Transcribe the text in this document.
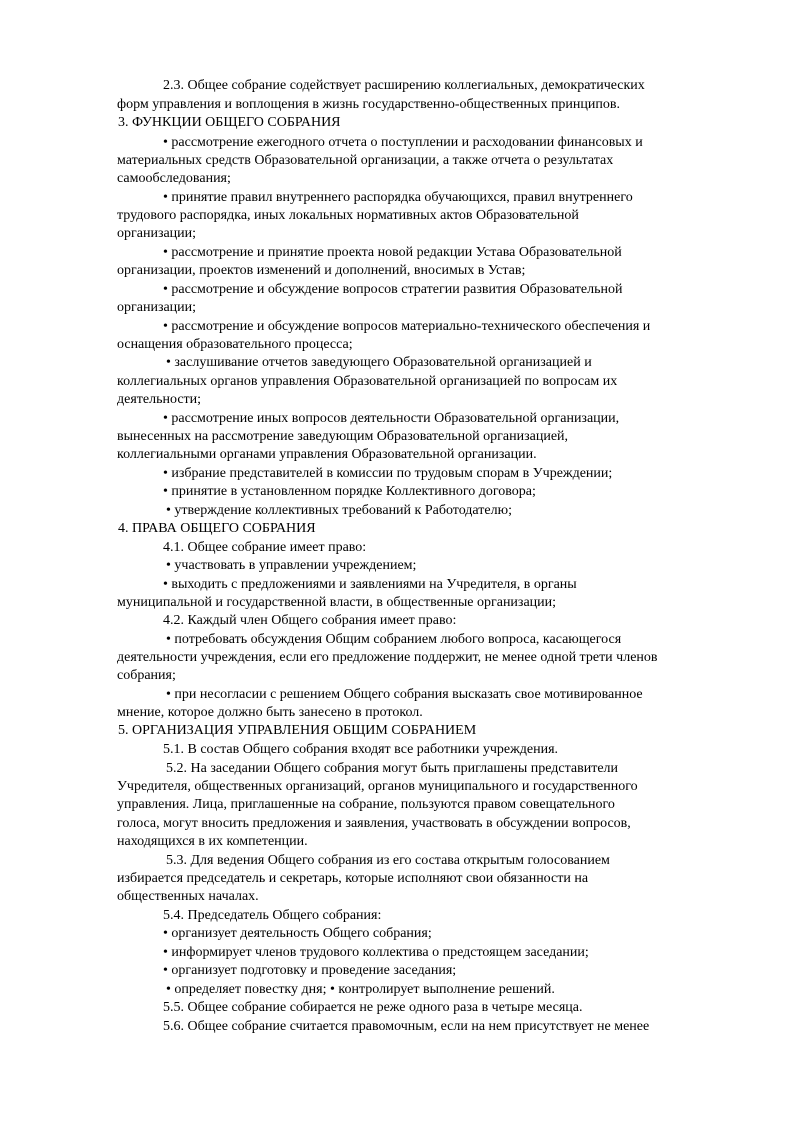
2.3. Общее собрание содействует расширению коллегиальных, демократических
форм управления и воплощения в жизнь государственно-общественных принципов.
3. ФУНКЦИИ ОБЩЕГО СОБРАНИЯ
• рассмотрение ежегодного отчета о поступлении и расходовании финансовых и
материальных средств Образовательной организации, а также отчета о результатах
самообследования;
• принятие правил внутреннего распорядка обучающихся, правил внутреннего
трудового распорядка, иных локальных нормативных актов Образовательной
организации;
• рассмотрение и принятие проекта новой редакции Устава Образовательной
организации, проектов изменений и дополнений, вносимых в Устав;
• рассмотрение и обсуждение вопросов стратегии развития Образовательной
организации;
• рассмотрение и обсуждение вопросов материально-технического обеспечения и
оснащения образовательного процесса;
• заслушивание отчетов заведующего Образовательной организацией и
коллегиальных органов управления Образовательной организацией по вопросам их
деятельности;
• рассмотрение иных вопросов деятельности Образовательной организации,
вынесенных на рассмотрение заведующим Образовательной организацией,
коллегиальными органами управления Образовательной организации.
• избрание представителей в комиссии по трудовым спорам в Учреждении;
• принятие в установленном порядке Коллективного договора;
• утверждение коллективных требований к Работодателю;
4. ПРАВА ОБЩЕГО СОБРАНИЯ
4.1. Общее собрание имеет право:
• участвовать в управлении учреждением;
• выходить с предложениями и заявлениями на Учредителя, в органы
муниципальной и государственной власти, в общественные организации;
4.2. Каждый член Общего собрания имеет право:
• потребовать обсуждения Общим собранием любого вопроса, касающегося
деятельности учреждения, если его предложение поддержит, не менее одной трети членов
собрания;
• при несогласии с решением Общего собрания высказать свое мотивированное
мнение, которое должно быть занесено в протокол.
5. ОРГАНИЗАЦИЯ УПРАВЛЕНИЯ ОБЩИМ СОБРАНИЕМ
5.1. В состав Общего собрания входят все работники учреждения.
5.2. На заседании Общего собрания могут быть приглашены представители
Учредителя, общественных организаций, органов муниципального и государственного
управления. Лица, приглашенные на собрание, пользуются правом совещательного
голоса, могут вносить предложения и заявления, участвовать в обсуждении вопросов,
находящихся в их компетенции.
5.3. Для ведения Общего собрания из его состава открытым голосованием
избирается председатель и секретарь, которые исполняют свои обязанности на
общественных началах.
5.4. Председатель Общего собрания:
• организует деятельность Общего собрания;
• информирует членов трудового коллектива о предстоящем заседании;
• организует подготовку и проведение заседания;
• определяет повестку дня; • контролирует выполнение решений.
5.5. Общее собрание собирается не реже одного раза в четыре месяца.
5.6. Общее собрание считается правомочным, если на нем присутствует не менее
